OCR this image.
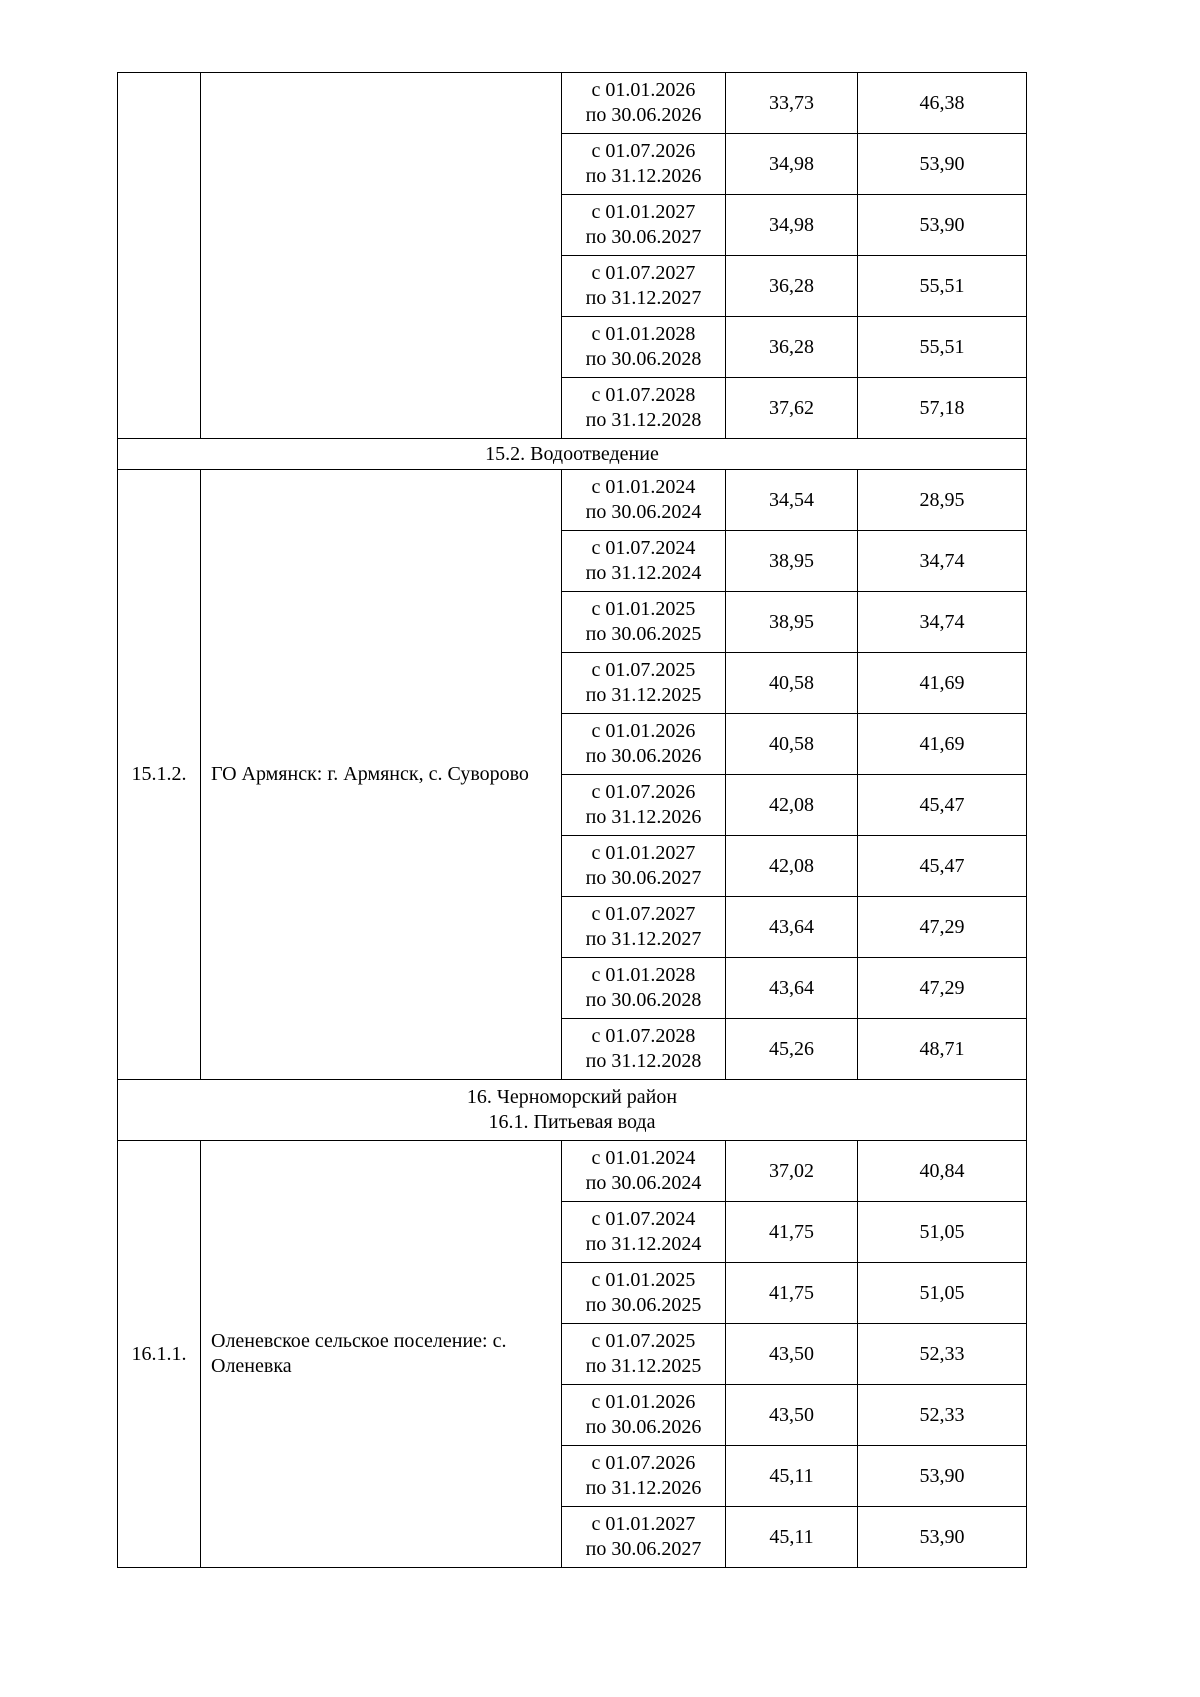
		с 01.01.2026
по 30.06.2026	33,73	46,38

		с 01.07.2026
по 31.12.2026	34,98	53,90

		с 01.01.2027
по 30.06.2027	34,98	53,90

		с 01.07.2027
по 31.12.2027	36,28	55,51

		с 01.01.2028
по 30.06.2028	36,28	55,51

		с 01.07.2028
по 31.12.2028	37,62	57,18
15.2. Водоотведение				
15.1.2.	ГО Армянск: г. Армянск, с. Суворово	с 01.01.2024
по 30.06.2024	34,54	28,95

		с 01.07.2024
по 31.12.2024	38,95	34,74

		с 01.01.2025
по 30.06.2025	38,95	34,74

		с 01.07.2025
по 31.12.2025	40,58	41,69

		с 01.01.2026
по 30.06.2026	40,58	41,69

		с 01.07.2026
по 31.12.2026	42,08	45,47

		с 01.01.2027
по 30.06.2027	42,08	45,47

		с 01.07.2027
по 31.12.2027	43,64	47,29

		с 01.01.2028
по 30.06.2028	43,64	47,29

		с 01.07.2028
по 31.12.2028	45,26	48,71

16. Черноморский район
16.1. Питьевая вода				

16.1.1.	Оленевское сельское поселение: с. Оленевка	с 01.01.2024
по 30.06.2024	37,02	40,84

		с 01.07.2024
по 31.12.2024	41,75	51,05

		с 01.01.2025
по 30.06.2025	41,75	51,05

		с 01.07.2025
по 31.12.2025	43,50	52,33

		с 01.01.2026
по 30.06.2026	43,50	52,33

		с 01.07.2026
по 31.12.2026	45,11	53,90

		с 01.01.2027
по 30.06.2027	45,11	53,90
